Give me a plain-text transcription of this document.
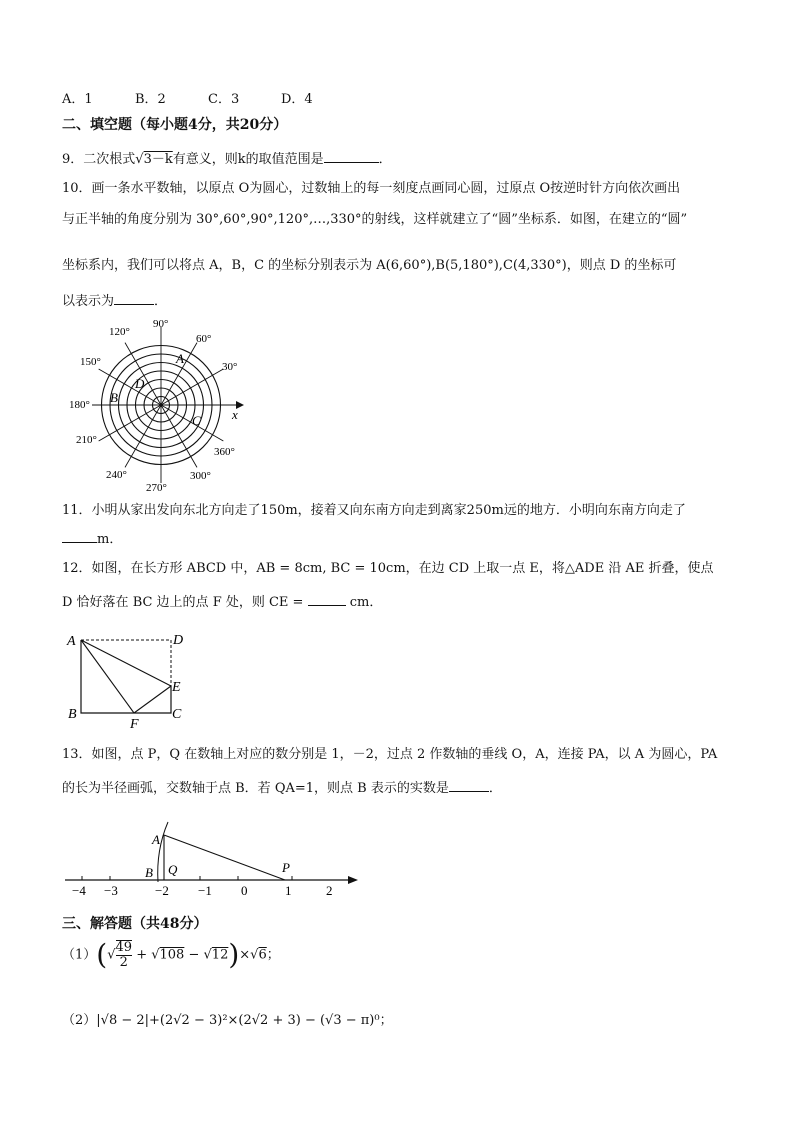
A．1	B．2	C．3	D．4
二、填空题（每小题4分，共20分）
9．二次根式√3－k有意义，则k的取值范围是	．
10．画一条水平数轴，以原点 O为圆心，过数轴上的每一刻度点画同心圆，过原点 O按逆时针方向依次画出
与正半轴的角度分别为 30°,60°,90°,120°,…,330°的射线，这样就建立了“圆”坐标系．如图，在建立的“圆”
坐标系内，我们可以将点 A，B，C 的坐标分别表示为 A(6,60°),B(5,180°),C(4,330°)，则点 D 的坐标可
以表示为	．
90°
60°
30°
360°
300°
270°
240°
210°
180°
150°
120°
A
B
C
D
x
11．小明从家出发向东北方向走了150m，接着又向东南方向走到离家250m远的地方．小明向东南方向走了
m．
12．如图，在长方形 ABCD 中，AB = 8cm, BC = 10cm，在边 CD 上取一点 E，将△ADE 沿 AE 折叠，使点
D 恰好落在 BC 边上的点 F 处，则 CE =	cm．
A	D
E
B
F
C
13．如图，点 P，Q 在数轴上对应的数分别是 1，－2，过点 2 作数轴的垂线 O，A，连接 PA，以 A 为圆心，PA
的长为半径画弧，交数轴于点 B．若 QA=1，则点 B 表示的实数是	．
A
B Q	P
−4 −3	−2 −1 0	1	2
三、解答题（共48分）
$(1)(√ \frac{49}{2} + √108 - √12)\times√6$；
（2）|√8 − 2|+(2√2 − 3)²×(2√2 + 3) − (√3 − π)⁰；
